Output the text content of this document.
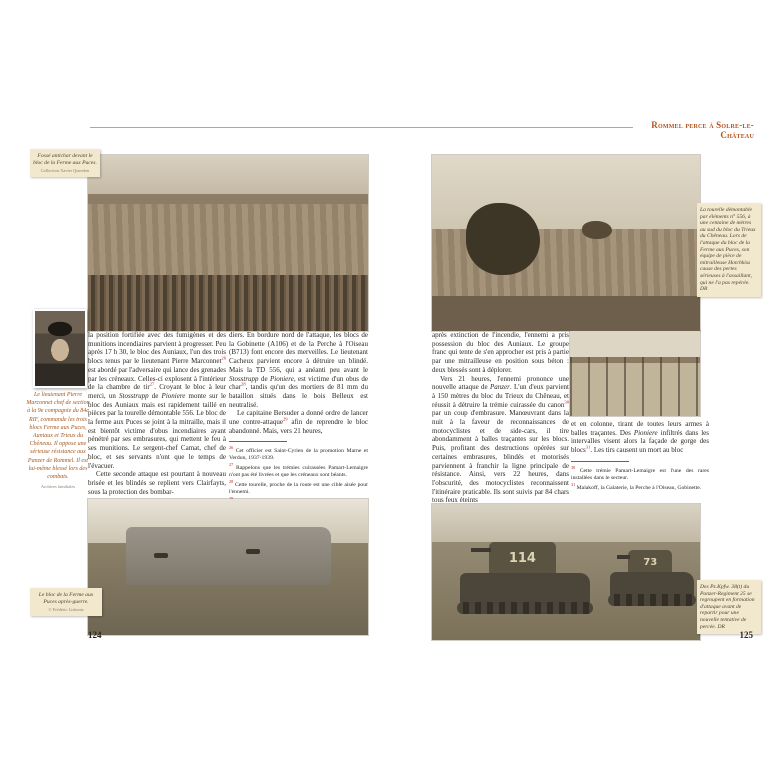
Rommel perce à Solre-le-Château
Fossé antichar devant le bloc de la Ferme aux Puces.
Collection Xavier Querelen
Le lieutenant Pierre Marconnet chef de section à la 9e compagnie du 84e RIF, commande les trois blocs Ferme aux Puces, Auniaux et Trieux du Chêneau. Il oppose une sérieuse résistance aux Panzer de Rommel. Il est lui-même blessé lors des combats.
Archives familiales

la position fortifiée avec des fumigènes et des munitions incendiaires parvient à progresser. Peu après 17 h 30, le bloc des Auniaux, l'un des trois blocs tenus par le lieutenant Pierre Marconnet$^{26}$ est abordé par l'adversaire qui lance des grenades par les créneaux. Celles-ci explosent à l'intérieur de la chambre de tir$^{27}$. Croyant le bloc à leur merci, un Stosstrupp de Pioniere monte sur le bloc des Auniaux mais est rapidement taillé en pièces par la tourelle démontable 556. Le bloc de la ferme aux Puces se joint à la mitraille, mais il est bientôt victime d'obus incendiaires ayant pénétré par ses embrasures, qui mettent le feu à ses munitions. Le sergent-chef Camat, chef de bloc, et ses servants n'ont que le temps de l'évacuer.

Cette seconde attaque est pourtant à nouveau brisée et les blindés se replient vers Clairfayts, sous la protection des bombar-

diers. En bordure nord de l'attaque, les blocs de la Gobinette (A106) et de la Perche à l'Oiseau (B713) font encore des merveilles. Le lieutenant Cacheux parvient encore à détruire un blindé. Mais la TD 556, qui a anéanti peu avant le Stosstrupp de Pioniere, est victime d'un obus de char$^{28}$, tandis qu'un des mortiers de 81 mm du bataillon situés dans le bois Belleux est neutralisé.

Le capitaine Bersuder a donné ordre de lancer une contre-attaque$^{29}$ afin de reprendre le bloc abandonné. Mais, vers 21 heures,

$^{26}$ Cet officier est Saint-Cyrien de la promotion Marne et Verdun, 1937-1939.

$^{27}$ Rappelons que les trémies cuirassées Pamart-Lemaigre n'ont pas été livrées et que les créneaux sont béants.

$^{28}$ Cette tourelle, proche de la route est une cible aisée pour l'ennemi.

Le bloc de la Ferme aux Puces après-guerre.
© Frédéric Lisbonis
124
La tourelle démontable par éléments n° 556, à une centaine de mètres au sud du bloc du Trieux du Chêneau. Lors de l'attaque du bloc de la Ferme aux Puces, son équipe de pièce de mitrailleuse Hotchkiss cause des pertes sérieuses à l'assaillant, qui ne l'a pas repérée. DR

après extinction de l'incendie, l'ennemi a pris possession du bloc des Auniaux. Le groupe franc qui tente de s'en approcher est pris à partie par une mitrailleuse en position sous béton : deux blessés sont à déplorer.

Vers 21 heures, l'ennemi prononce une nouvelle attaque de Panzer. L'un d'eux parvient à 150 mètres du bloc du Trieux du Chêneau, et réussit à détruire la trémie cuirassée du canon$^{30}$ par un coup d'embrasure. Manœuvrant dans la nuit à la faveur de reconnaissances de motocyclistes et de side-cars, il tire abondamment à balles traçantes sur les blocs. Puis, profitant des destructions opérées sur certaines embrasures, blindés et motorisés parviennent à franchir la ligne principale de résistance. Ainsi, vers 22 heures, dans l'obscurité, des motocyclistes reconnaissent l'itinéraire praticable. Ils sont suivis par 84 chars tous feux éteints

et en colonne, tirant de toutes leurs armes à balles traçantes. Des Pioniere infiltrés dans les intervalles visent alors la façade de gorge des blocs$^{31}$. Les tirs causent un mort au bloc

$^{30}$ Cette trémie Pamart-Lemaigre est l'une des rares installées dans le secteur.

$^{31}$ Malakoff, la Galaterie, la Perche à l'Oiseau, Gobinette.

114	73
Des Pz.Kpfw. 38(t) du Panzer-Regiment 25 se regroupent en formation d'attaque avant de repartir pour une nouvelle tentative de percée. DR
125
